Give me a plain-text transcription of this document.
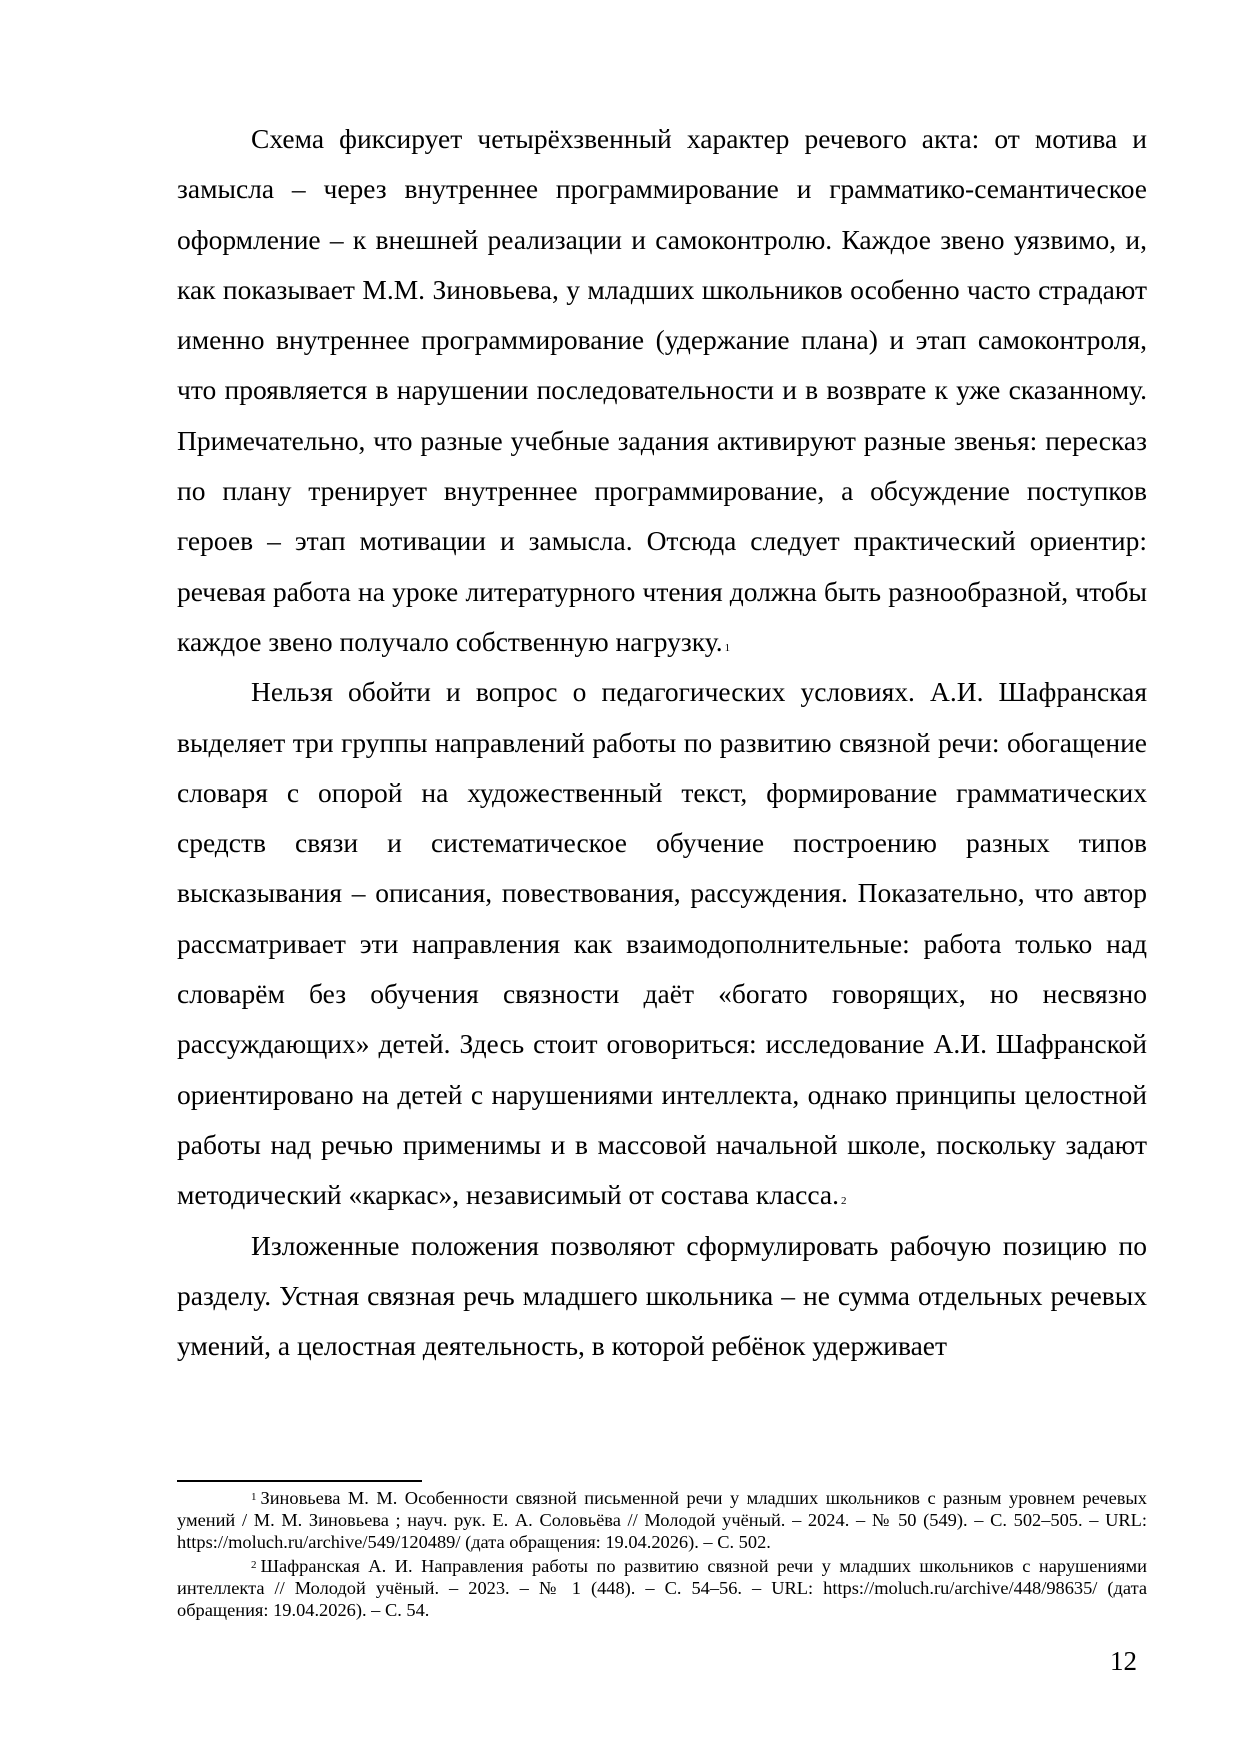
Схема фиксирует четырёхзвенный характер речевого акта: от мотива и замысла – через внутреннее программирование и грамматико-семантическое оформление – к внешней реализации и самоконтролю. Каждое звено уязвимо, и, как показывает М.М. Зиновьева, у младших школьников особенно часто страдают именно внутреннее программирование (удержание плана) и этап самоконтроля, что проявляется в нарушении последовательности и в возврате к уже сказанному. Примечательно, что разные учебные задания активируют разные звенья: пересказ по плану тренирует внутреннее программирование, а обсуждение поступков героев – этап мотивации и замысла. Отсюда следует практический ориентир: речевая работа на уроке литературного чтения должна быть разнообразной, чтобы каждое звено получало собственную нагрузку. $^1$

Нельзя обойти и вопрос о педагогических условиях. А.И. Шафранская выделяет три группы направлений работы по развитию связной речи: обогащение словаря с опорой на художественный текст, формирование грамматических средств связи и систематическое обучение построению разных типов высказывания – описания, повествования, рассуждения. Показательно, что автор рассматривает эти направления как взаимодополнительные: работа только над словарём без обучения связности даёт «богато говорящих, но несвязно рассуждающих» детей. Здесь стоит оговориться: исследование А.И. Шафранской ориентировано на детей с нарушениями интеллекта, однако принципы целостной работы над речью применимы и в массовой начальной школе, поскольку задают методический «каркас», независимый от состава класса. $^2$

Изложенные положения позволяют сформулировать рабочую позицию по разделу. Устная связная речь младшего школьника – не сумма отдельных речевых умений, а целостная деятельность, в которой ребёнок удерживает

$^1$ Зиновьева М. М. Особенности связной письменной речи у младших школьников с разным уровнем речевых умений / М. М. Зиновьева ; науч. рук. Е. А. Соловьёва // Молодой учёный. – 2024. – № 50 (549). – С. 502–505. – URL: https://moluch.ru/archive/549/120489/ (дата обращения: 19.04.2026). – С. 502.

$^2$ Шафранская А. И. Направления работы по развитию связной речи у младших школьников с нарушениями интеллекта // Молодой учёный. – 2023. – № 1 (448). – С. 54–56. – URL: https://moluch.ru/archive/448/98635/ (дата обращения: 19.04.2026). – С. 54.

12
